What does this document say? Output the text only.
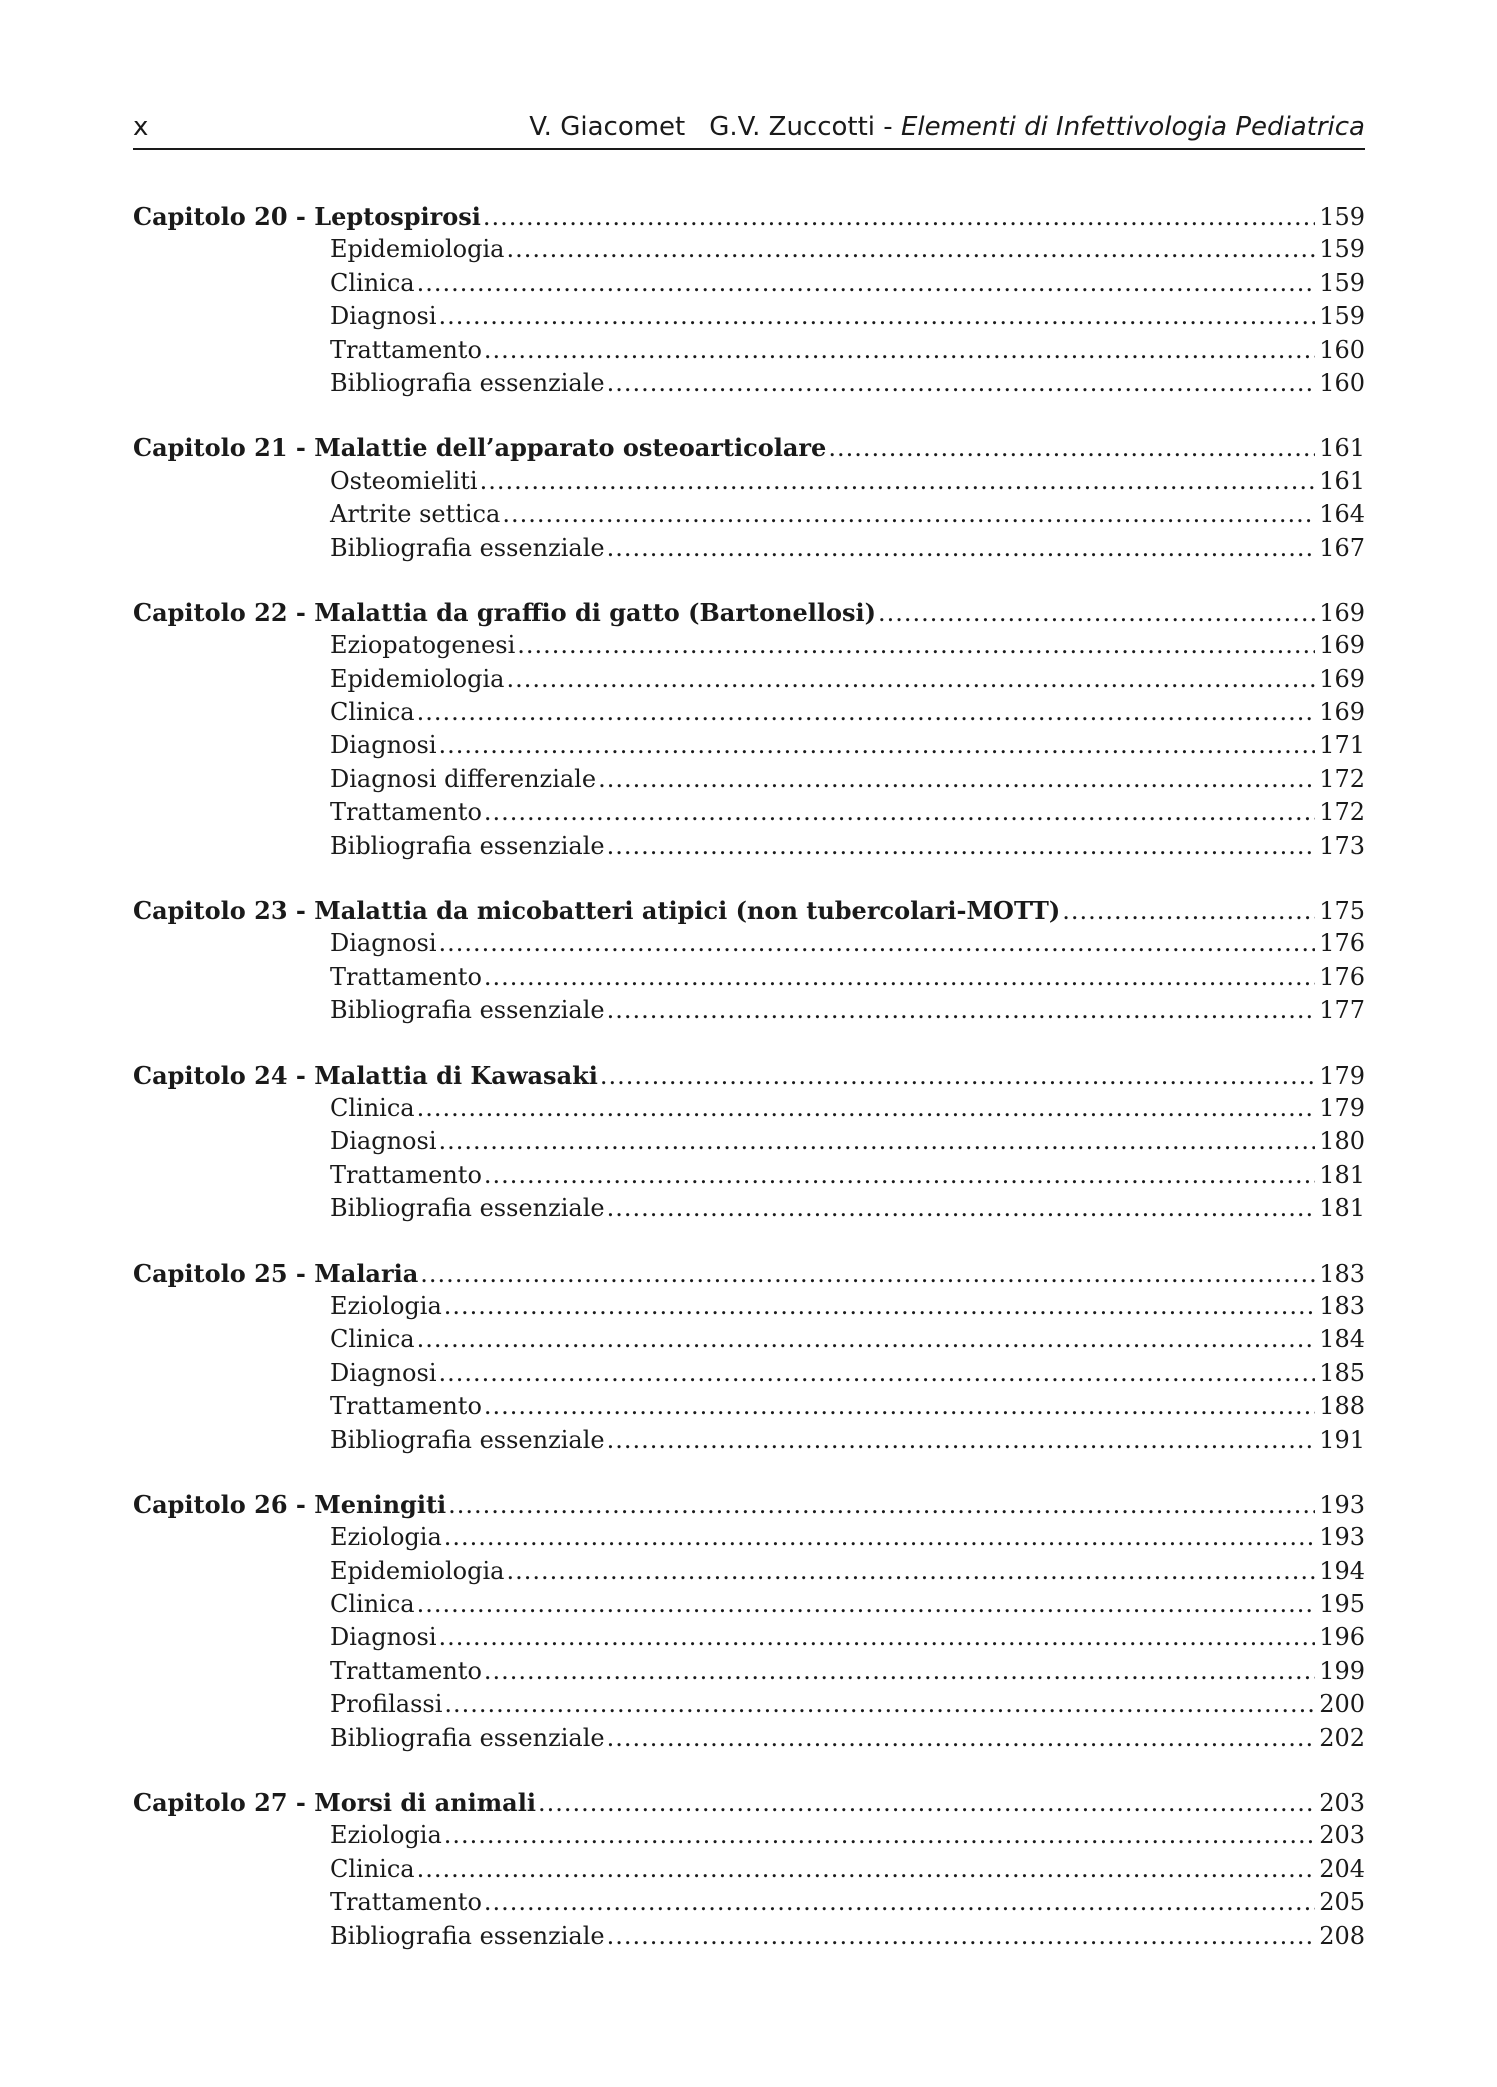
x	V. Giacomet G.V. Zuccotti - Elementi di Infettivologia Pediatrica
Capitolo 20 - Leptospirosi .....	159
Epidemiologia .....	159
Clinica .....	159
Diagnosi .....	159
Trattamento .....	160
Bibliografia essenziale .....	160
Capitolo 21 - Malattie dell’apparato osteoarticolare .....	161
Osteomieliti .....	161
Artrite settica .....	164
Bibliografia essenziale .....	167
Capitolo 22 - Malattia da graffio di gatto (Bartonellosi) .....	169
Eziopatogenesi .....	169
Epidemiologia .....	169
Clinica .....	169
Diagnosi .....	171
Diagnosi differenziale .....	172
Trattamento .....	172
Bibliografia essenziale .....	173
Capitolo 23 - Malattia da micobatteri atipici (non tubercolari-MOTT) .....	175
Diagnosi .....	176
Trattamento .....	176
Bibliografia essenziale .....	177
Capitolo 24 - Malattia di Kawasaki .....	179
Clinica .....	179
Diagnosi .....	180
Trattamento .....	181
Bibliografia essenziale .....	181
Capitolo 25 - Malaria .....	183
Eziologia .....	183
Clinica .....	184
Diagnosi .....	185
Trattamento .....	188
Bibliografia essenziale .....	191
Capitolo 26 - Meningiti .....	193
Eziologia .....	193
Epidemiologia .....	194
Clinica .....	195
Diagnosi .....	196
Trattamento .....	199
Profilassi .....	200
Bibliografia essenziale .....	202
Capitolo 27 - Morsi di animali .....	203
Eziologia .....	203
Clinica .....	204
Trattamento .....	205
Bibliografia essenziale .....	208
